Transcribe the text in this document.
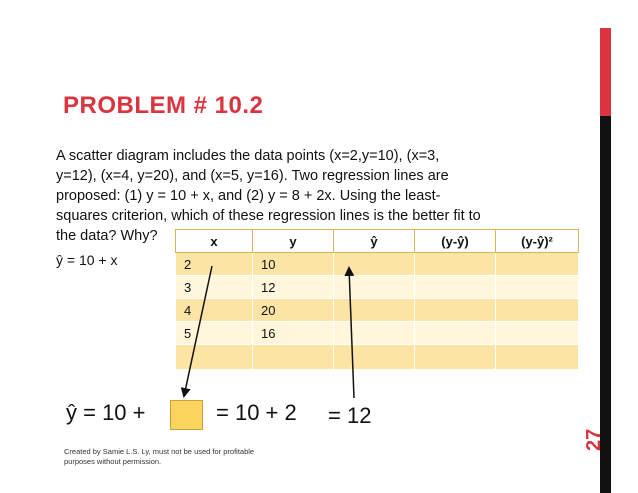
27
PROBLEM # 10.2

A scatter diagram includes the data points (x=2,y=10), (x=3,

y=12), (x=4, y=20), and (x=5, y=16). Two regression lines are

proposed: (1) y = 10 + x, and (2) y = 8 + 2x. Using the least-

squares criterion, which of these regression lines is the better fit to

the data? Why?

ŷ = 10 + x
x	y	ŷ	(y-ŷ)	(y-ŷ)²
2	10			
3	12			
4	20			
5	16			

ŷ = 10 +	= 10 + 2 = 12
Created by Samie L.S. Ly, must not be used for profitable purposes without permission.
